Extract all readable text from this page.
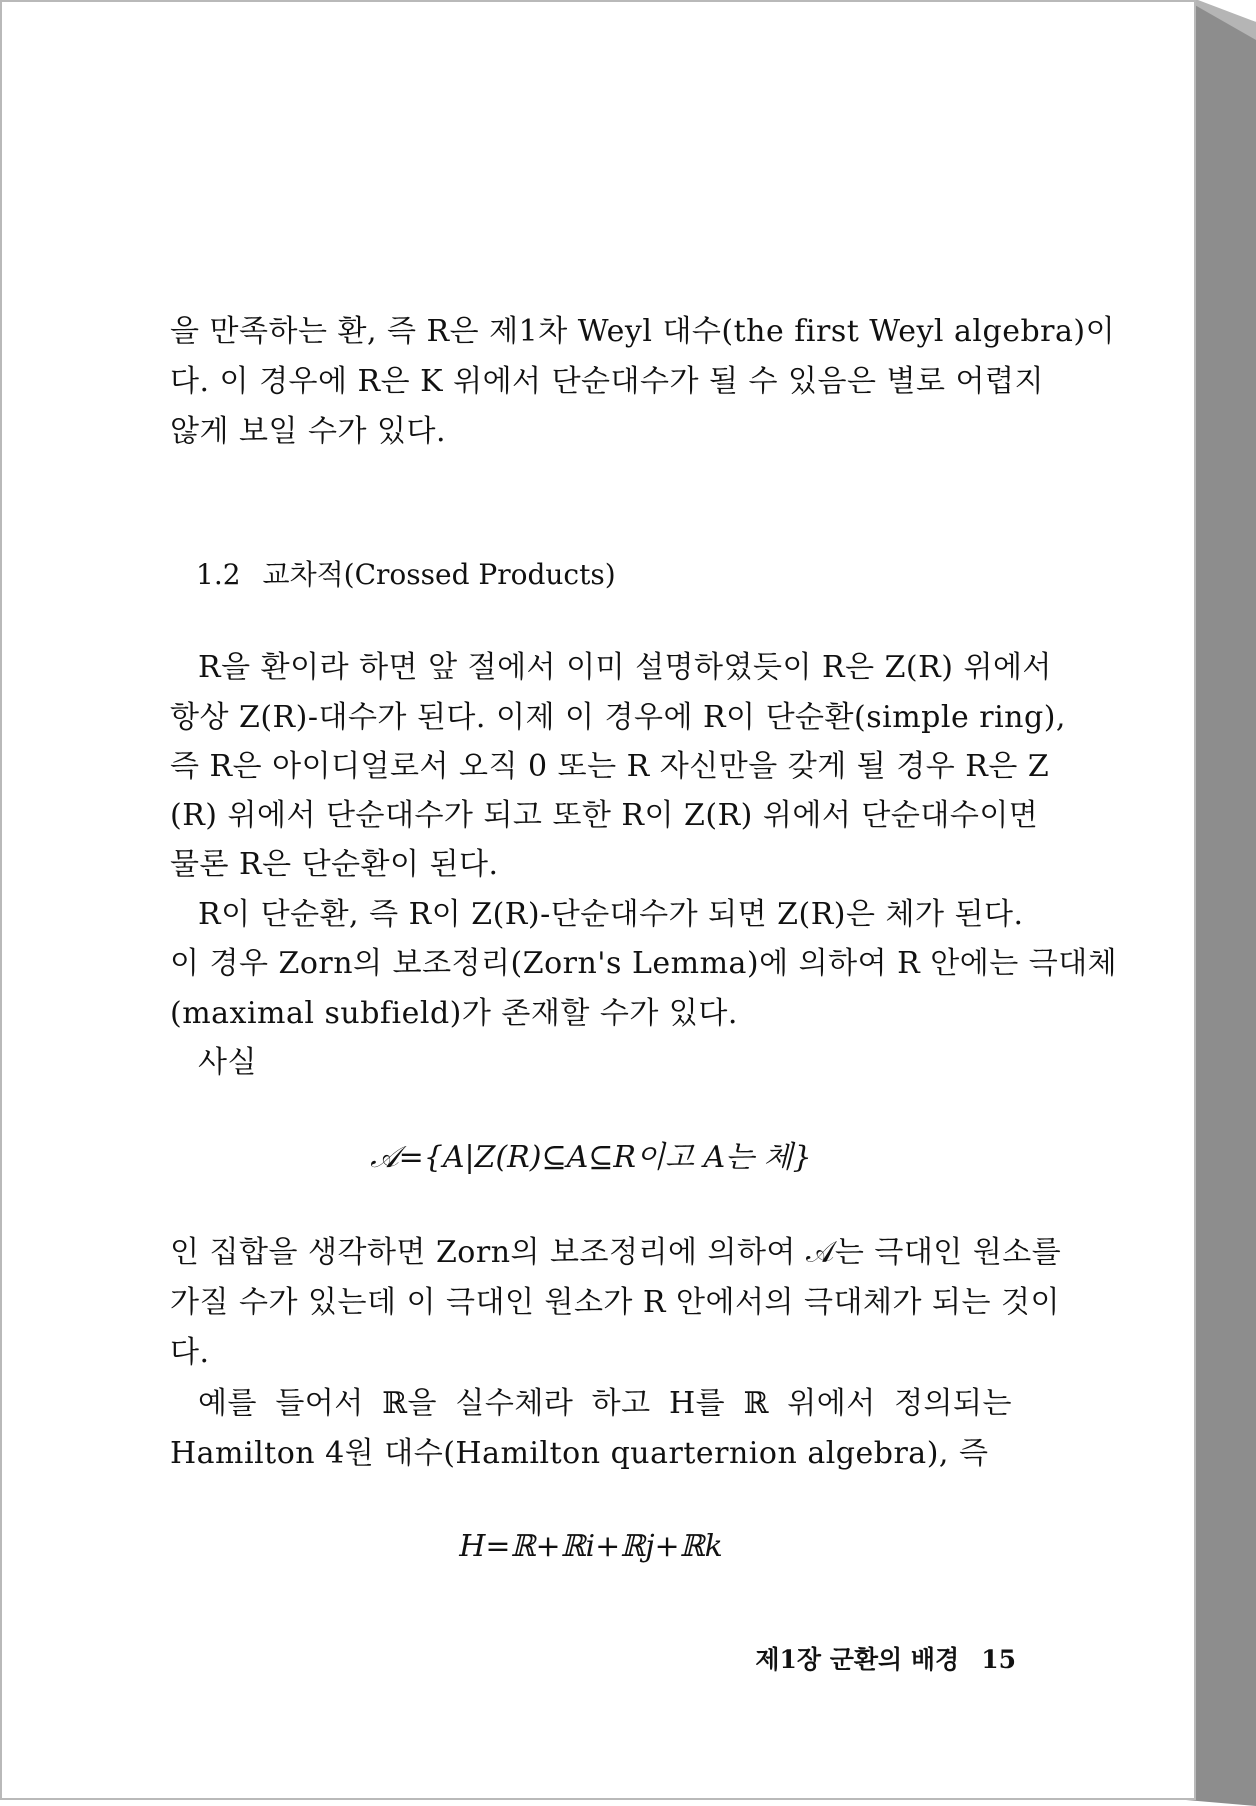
을 만족하는 환, 즉 R은 제1차 Weyl 대수(the first Weyl algebra)이
다. 이 경우에 R은 K 위에서 단순대수가 될 수 있음은 별로 어렵지
않게 보일 수가 있다.
1.2 교차적(Crossed Products)
R을 환이라 하면 앞 절에서 이미 설명하였듯이 R은 Z(R) 위에서
항상 Z(R)-대수가 된다. 이제 이 경우에 R이 단순환(simple ring),
즉 R은 아이디얼로서 오직 0 또는 R 자신만을 갖게 될 경우 R은 Z
(R) 위에서 단순대수가 되고 또한 R이 Z(R) 위에서 단순대수이면
물론 R은 단순환이 된다.
R이 단순환, 즉 R이 Z(R)-단순대수가 되면 Z(R)은 체가 된다.
이 경우 Zorn의 보조정리(Zorn's Lemma)에 의하여 R 안에는 극대체
(maximal subfield)가 존재할 수가 있다.
사실
𝒜={A|Z(R)⊆A⊆R이고 A는 체}
인 집합을 생각하면 Zorn의 보조정리에 의하여 𝒜는 극대인 원소를
가질 수가 있는데 이 극대인 원소가 R 안에서의 극대체가 되는 것이
다.
예를 들어서 ℝ을 실수체라 하고 H를 ℝ 위에서 정의되는
Hamilton 4원 대수(Hamilton quarternion algebra), 즉
H=ℝ+ℝi+ℝj+ℝk
제1장 군환의 배경 15
